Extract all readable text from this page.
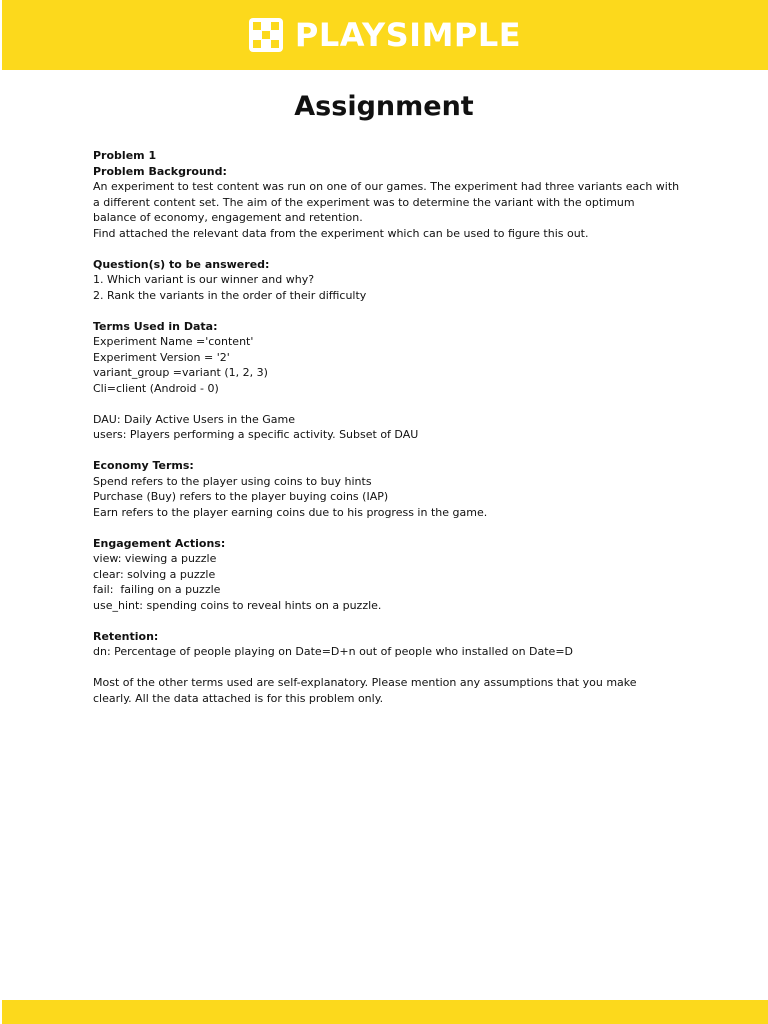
PLAYSIMPLE
Assignment
Problem 1
Problem Background:
An experiment to test content was run on one of our games. The experiment had three variants each with
a different content set. The aim of the experiment was to determine the variant with the optimum
balance of economy, engagement and retention.
Find attached the relevant data from the experiment which can be used to figure this out.
Question(s) to be answered:
1. Which variant is our winner and why?
2. Rank the variants in the order of their difficulty
Terms Used in Data:
Experiment Name ='content'
Experiment Version = '2'
variant_group =variant (1, 2, 3)
Cli=client (Android - 0)
DAU: Daily Active Users in the Game
users: Players performing a specific activity. Subset of DAU
Economy Terms:
Spend refers to the player using coins to buy hints
Purchase (Buy) refers to the player buying coins (IAP)
Earn refers to the player earning coins due to his progress in the game.
Engagement Actions:
view: viewing a puzzle
clear: solving a puzzle
fail:  failing on a puzzle
use_hint: spending coins to reveal hints on a puzzle.
Retention:
dn: Percentage of people playing on Date=D+n out of people who installed on Date=D
Most of the other terms used are self-explanatory. Please mention any assumptions that you make
clearly. All the data attached is for this problem only.
